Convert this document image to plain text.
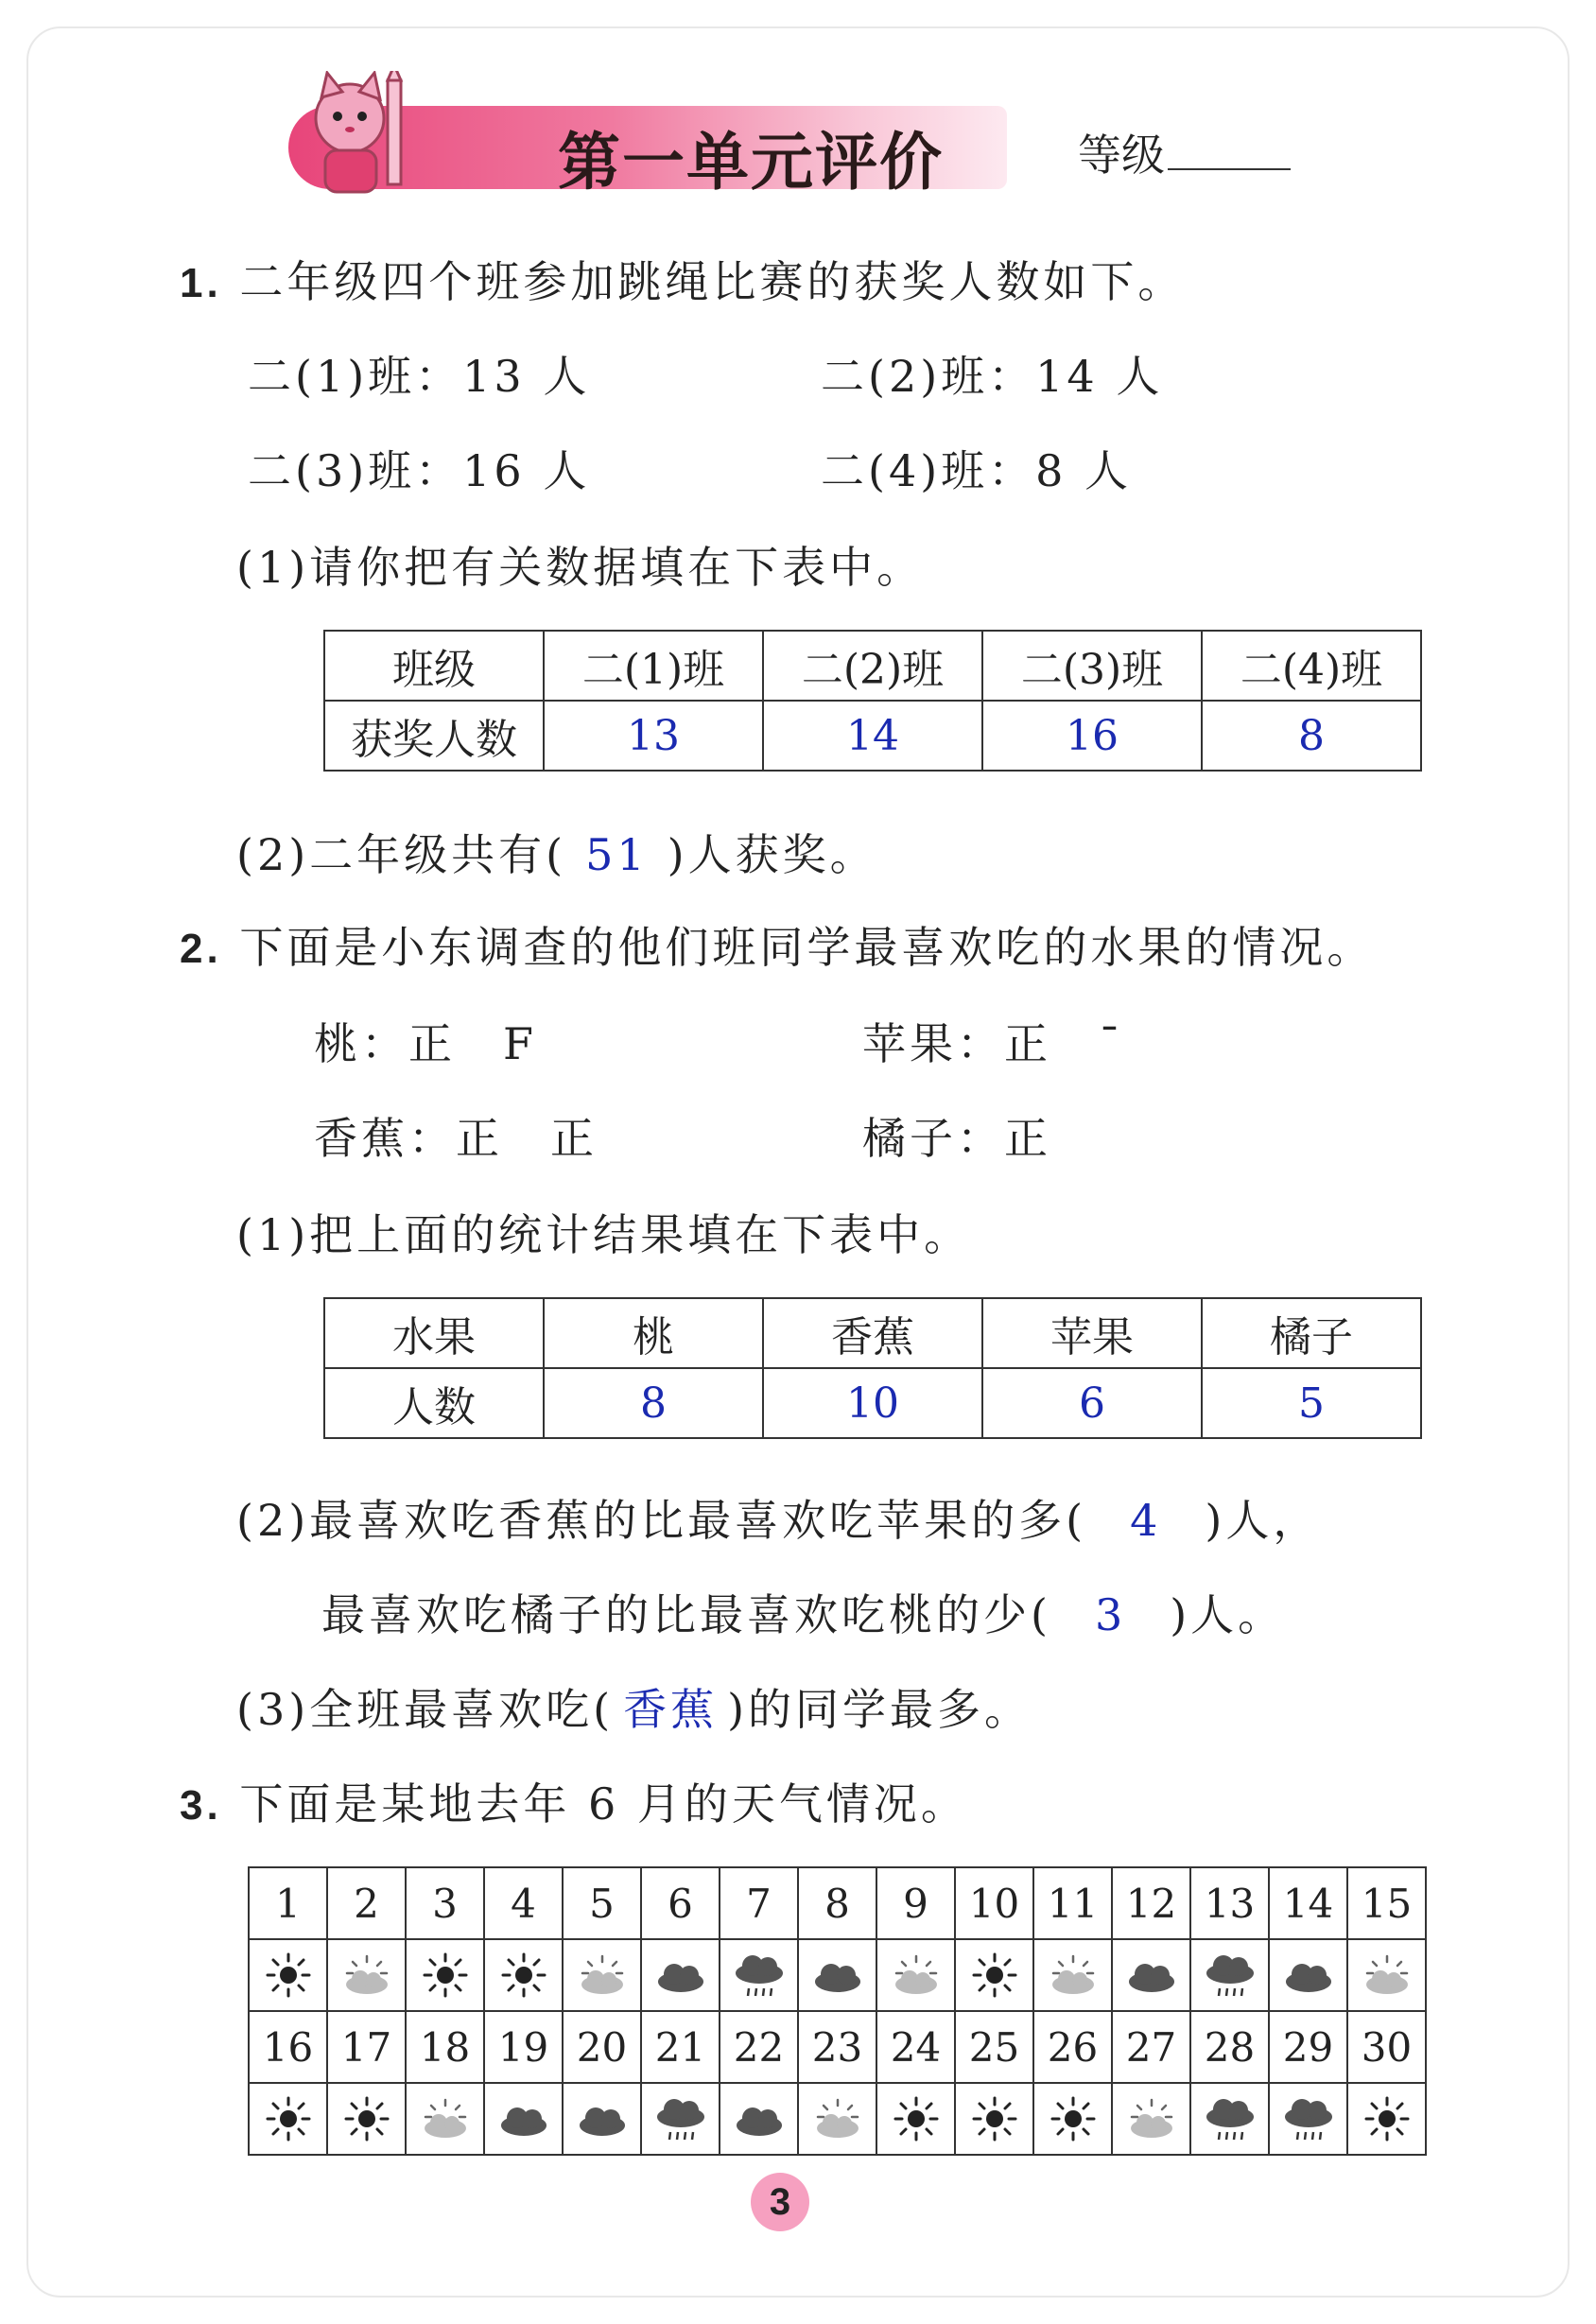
第一单元评价	等级
1. 二年级四个班参加跳绳比赛的获奖人数如下。
二(1)班：13 人	二(2)班：14 人
二(3)班：16 人	二(4)班：8 人
(1)请你把有关数据填在下表中。
班级	二(1)班	二(2)班	二(3)班	二(4)班
获奖人数	13	14	16	8
(2)二年级共有( 51 )人获奖。
2. 下面是小东调查的他们班同学最喜欢吃的水果的情况。
桃：正　F	苹果：正　ˉ
香蕉：正　正	橘子：正
(1)把上面的统计结果填在下表中。
水果	桃	香蕉	苹果	橘子
人数	8	10	6	5
(2)最喜欢吃香蕉的比最喜欢吃苹果的多( 4 )人，
最喜欢吃橘子的比最喜欢吃桃的少( 3 )人。
(3)全班最喜欢吃( 香蕉 )的同学最多。
3. 下面是某地去年 6 月的天气情况。
1	2	3	4	5	6	7	8	9	10	11	12	13	14	15

16	17	18	19	20	21	22	23	24	25	26	27	28	29	30

3
